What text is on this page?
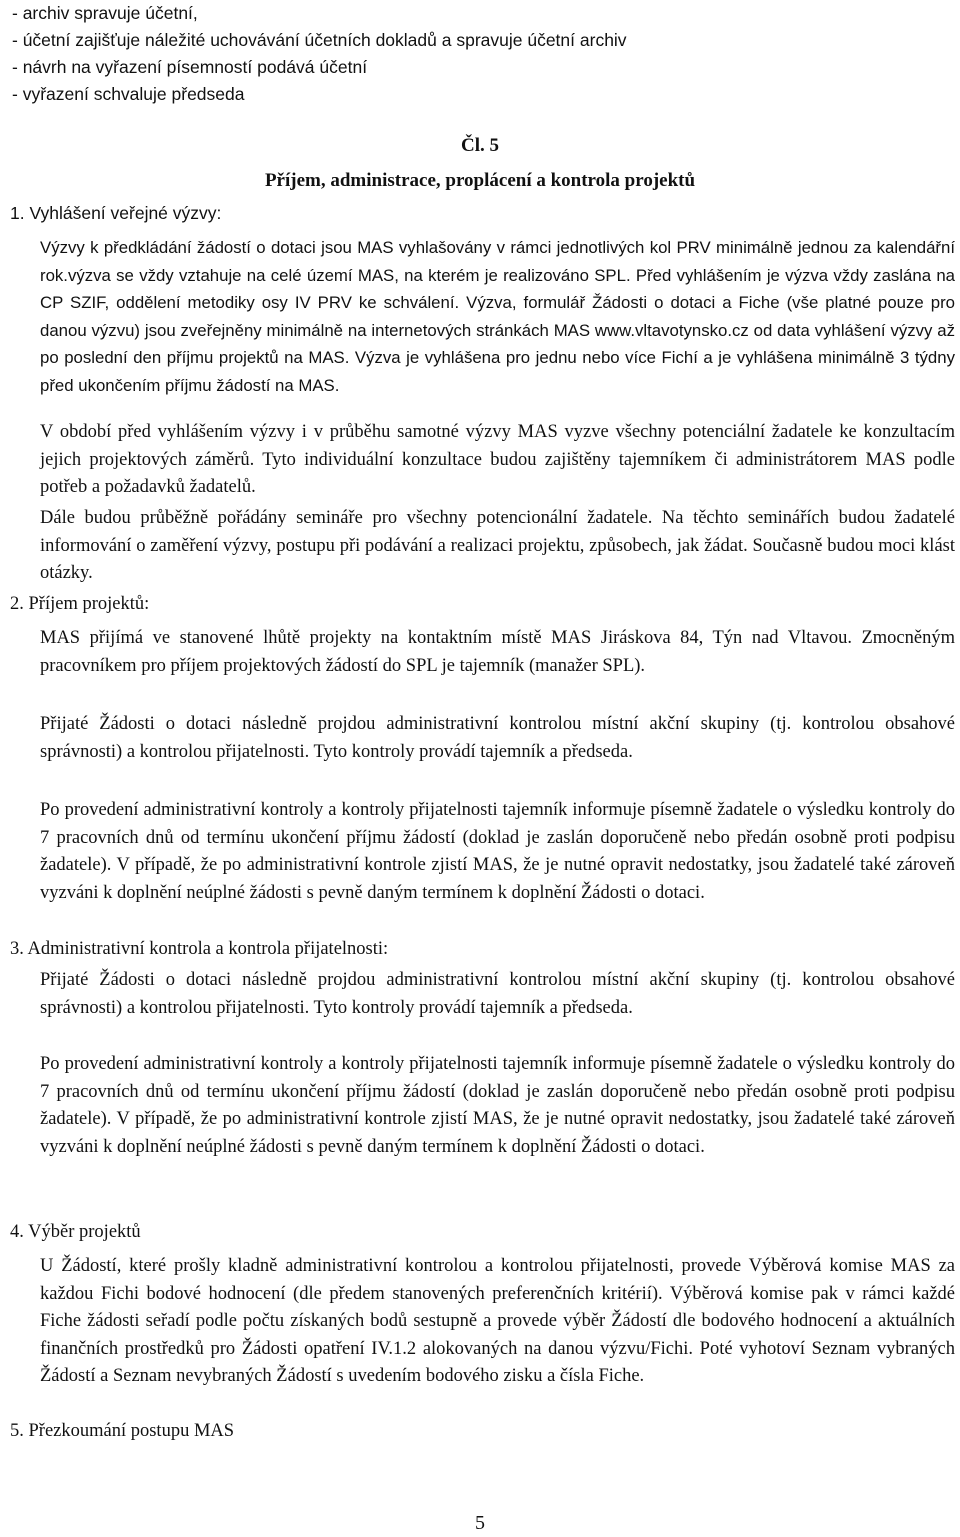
- archiv spravuje účetní,
- účetní zajišťuje náležité uchovávání účetních dokladů a spravuje účetní archiv
- návrh na vyřazení písemností podává účetní
- vyřazení schvaluje předseda
Čl. 5
Příjem, administrace, proplácení a kontrola projektů
1. Vyhlášení veřejné výzvy:

Výzvy k předkládání žádostí o dotaci jsou MAS vyhlašovány v rámci jednotlivých kol PRV minimálně jednou za kalendářní rok.výzva se vždy vztahuje na celé území MAS, na kterém je realizováno SPL. Před vyhlášením je výzva vždy zaslána na CP SZIF, oddělení metodiky osy IV PRV ke schválení. Výzva, formulář Žádosti o dotaci a Fiche (vše platné pouze pro danou výzvu) jsou zveřejněny minimálně na internetových stránkách MAS www.vltavotynsko.cz od data vyhlášení výzvy až po poslední den příjmu projektů na MAS. Výzva je vyhlášena pro jednu nebo více Fichí a je vyhlášena minimálně 3 týdny před ukončením příjmu žádostí na MAS.

V období před vyhlášením výzvy i v průběhu samotné výzvy MAS vyzve všechny potenciální žadatele ke konzultacím jejich projektových záměrů. Tyto individuální konzultace budou zajištěny tajemníkem či administrátorem MAS podle potřeb a požadavků žadatelů.

Dále budou průběžně pořádány semináře pro všechny potencionální žadatele. Na těchto seminářích budou žadatelé informování o zaměření výzvy, postupu při podávání a realizaci projektu, způsobech, jak žádat. Současně budou moci klást otázky.

2. Příjem projektů:

MAS přijímá ve stanovené lhůtě projekty na kontaktním místě MAS Jiráskova 84, Týn nad Vltavou. Zmocněným pracovníkem pro příjem projektových žádostí do SPL je tajemník (manažer SPL).

Přijaté Žádosti o dotaci následně projdou administrativní kontrolou místní akční skupiny (tj. kontrolou obsahové správnosti) a kontrolou přijatelnosti. Tyto kontroly provádí tajemník a předseda.

Po provedení administrativní kontroly a kontroly přijatelnosti tajemník informuje písemně žadatele o výsledku kontroly do 7 pracovních dnů od termínu ukončení příjmu žádostí (doklad je zaslán doporučeně nebo předán osobně proti podpisu žadatele). V případě, že po administrativní kontrole zjistí MAS, že je nutné opravit nedostatky, jsou žadatelé také zároveň vyzváni k doplnění neúplné žádosti s pevně daným termínem k doplnění Žádosti o dotaci.

3. Administrativní kontrola a kontrola přijatelnosti:

Přijaté Žádosti o dotaci následně projdou administrativní kontrolou místní akční skupiny (tj. kontrolou obsahové správnosti) a kontrolou přijatelnosti. Tyto kontroly provádí tajemník a předseda.

Po provedení administrativní kontroly a kontroly přijatelnosti tajemník informuje písemně žadatele o výsledku kontroly do 7 pracovních dnů od termínu ukončení příjmu žádostí (doklad je zaslán doporučeně nebo předán osobně proti podpisu žadatele). V případě, že po administrativní kontrole zjistí MAS, že je nutné opravit nedostatky, jsou žadatelé také zároveň vyzváni k doplnění neúplné žádosti s pevně daným termínem k doplnění Žádosti o dotaci.

4. Výběr projektů

U Žádostí, které prošly kladně administrativní kontrolou a kontrolou přijatelnosti, provede Výběrová komise MAS za každou Fichi bodové hodnocení (dle předem stanovených preferenčních kritérií). Výběrová komise pak v rámci každé Fiche žádosti seřadí podle počtu získaných bodů sestupně a provede výběr Žádostí dle bodového hodnocení a aktuálních finančních prostředků pro Žádosti opatření IV.1.2 alokovaných na danou výzvu/Fichi. Poté vyhotoví Seznam vybraných Žádostí a Seznam nevybraných Žádostí s uvedením bodového zisku a čísla Fiche.

5. Přezkoumání postupu MAS
5
